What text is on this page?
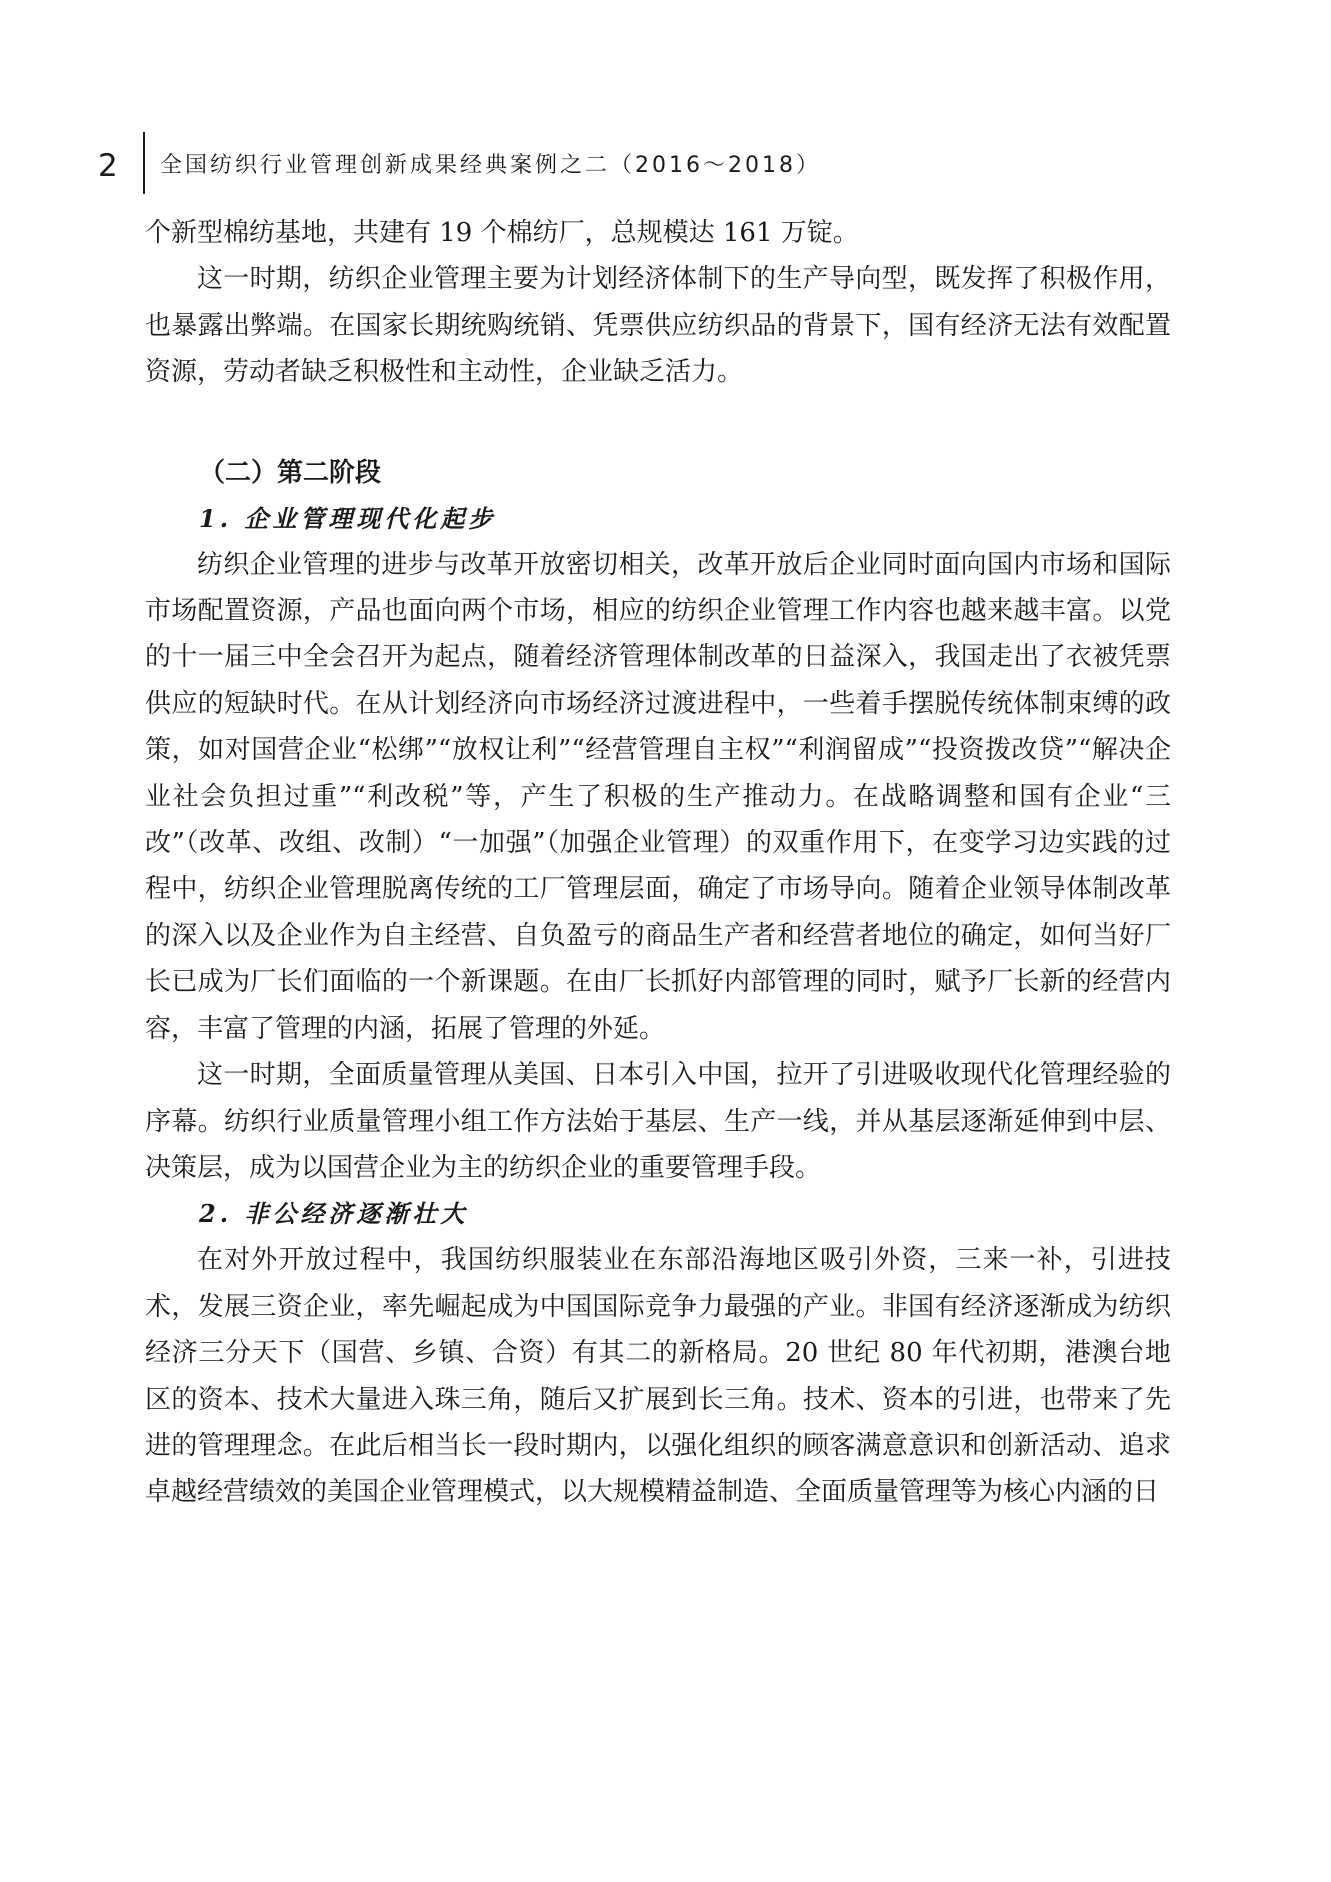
2 全国纺织行业管理创新成果经典案例之二（2016～2018）

个新型棉纺基地，共建有 19 个棉纺厂，总规模达 161 万锭。

这一时期，纺织企业管理主要为计划经济体制下的生产导向型，既发挥了积极作用，也暴露出弊端。在国家长期统购统销、凭票供应纺织品的背景下，国有经济无法有效配置资源，劳动者缺乏积极性和主动性，企业缺乏活力。

（二）第二阶段
1. 企业管理现代化起步

纺织企业管理的进步与改革开放密切相关，改革开放后企业同时面向国内市场和国际市场配置资源，产品也面向两个市场，相应的纺织企业管理工作内容也越来越丰富。以党的十一届三中全会召开为起点，随着经济管理体制改革的日益深入，我国走出了衣被凭票供应的短缺时代。在从计划经济向市场经济过渡进程中，一些着手摆脱传统体制束缚的政策，如对国营企业“松绑”“放权让利”“经营管理自主权”“利润留成”“投资拨改贷”“解决企业社会负担过重”“利改税”等，产生了积极的生产推动力。在战略调整和国有企业“三改”（改革、改组、改制）“一加强”（加强企业管理）的双重作用下，在变学习边实践的过程中，纺织企业管理脱离传统的工厂管理层面，确定了市场导向。随着企业领导体制改革的深入以及企业作为自主经营、自负盈亏的商品生产者和经营者地位的确定，如何当好厂长已成为厂长们面临的一个新课题。在由厂长抓好内部管理的同时，赋予厂长新的经营内容，丰富了管理的内涵，拓展了管理的外延。

这一时期，全面质量管理从美国、日本引入中国，拉开了引进吸收现代化管理经验的序幕。纺织行业质量管理小组工作方法始于基层、生产一线，并从基层逐渐延伸到中层、决策层，成为以国营企业为主的纺织企业的重要管理手段。

2. 非公经济逐渐壮大

在对外开放过程中，我国纺织服装业在东部沿海地区吸引外资，三来一补，引进技术，发展三资企业，率先崛起成为中国国际竞争力最强的产业。非国有经济逐渐成为纺织经济三分天下（国营、乡镇、合资）有其二的新格局。20 世纪 80 年代初期，港澳台地区的资本、技术大量进入珠三角，随后又扩展到长三角。技术、资本的引进，也带来了先进的管理理念。在此后相当长一段时期内，以强化组织的顾客满意意识和创新活动、追求卓越经营绩效的美国企业管理模式，以大规模精益制造、全面质量管理等为核心内涵的日
